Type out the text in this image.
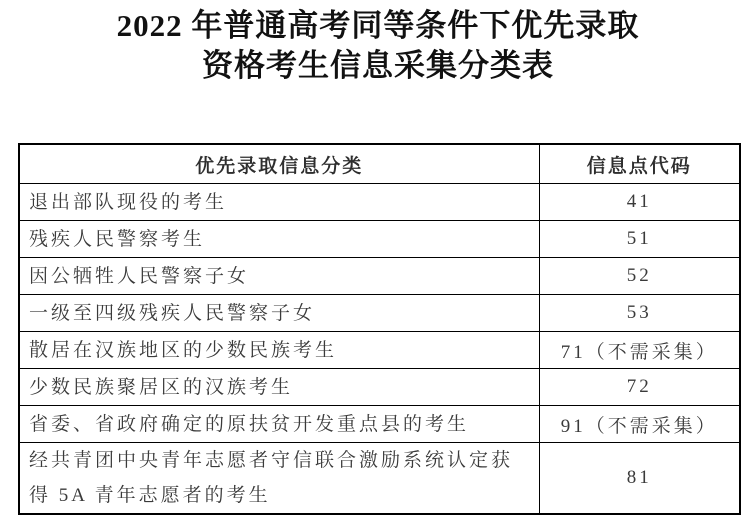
2022 年普通高考同等条件下优先录取
资格考生信息采集分类表
优先录取信息分类	信息点代码
退出部队现役的考生	41
残疾人民警察考生	51
因公牺牲人民警察子女	52
一级至四级残疾人民警察子女	53
散居在汉族地区的少数民族考生	71（不需采集）
少数民族聚居区的汉族考生	72
省委、省政府确定的原扶贫开发重点县的考生	91（不需采集）
经共青团中央青年志愿者守信联合激励系统认定获得 5A 青年志愿者的考生	81
